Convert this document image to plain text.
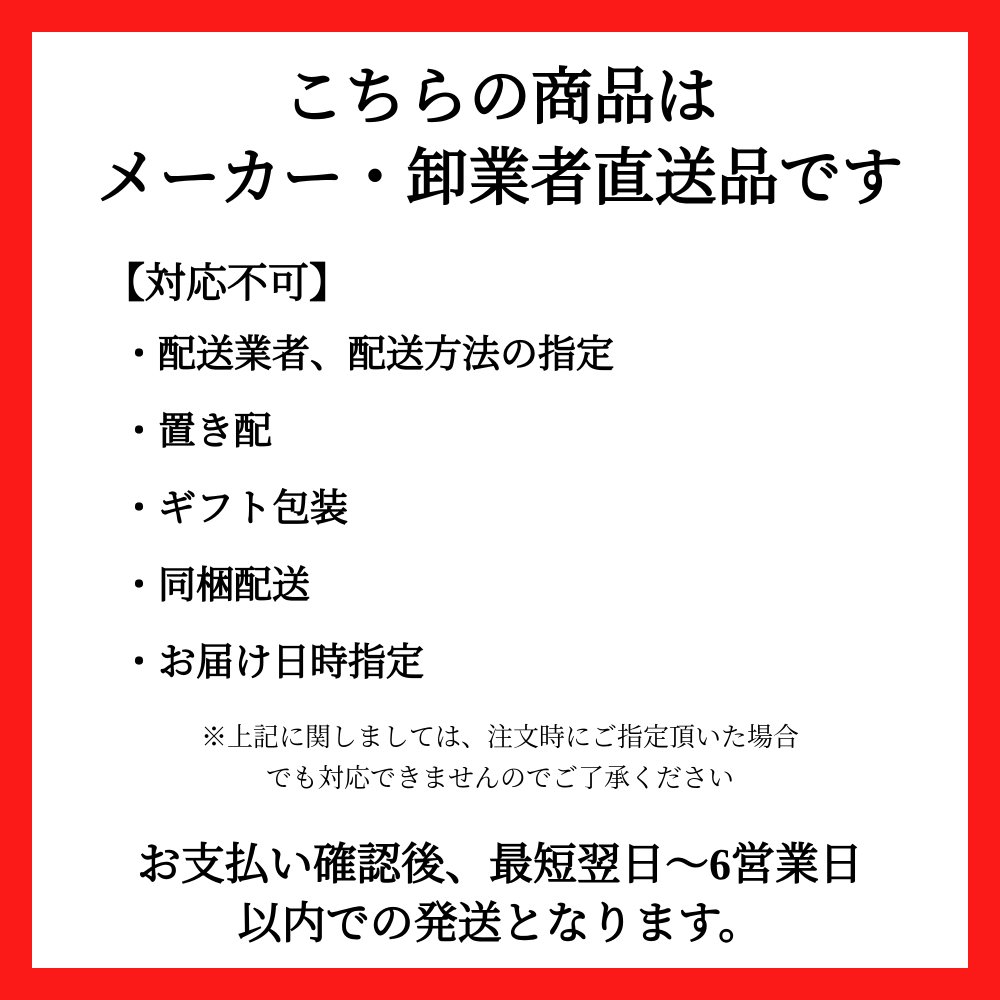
こちらの商品は
メーカー・卸業者直送品です
【対応不可】
・配送業者、配送方法の指定
・置き配
・ギフト包装
・同梱配送
・お届け日時指定
※上記に関しましては、注文時にご指定頂いた場合
でも対応できませんのでご了承ください
お支払い確認後、最短翌日～6営業日
以内での発送となります。
